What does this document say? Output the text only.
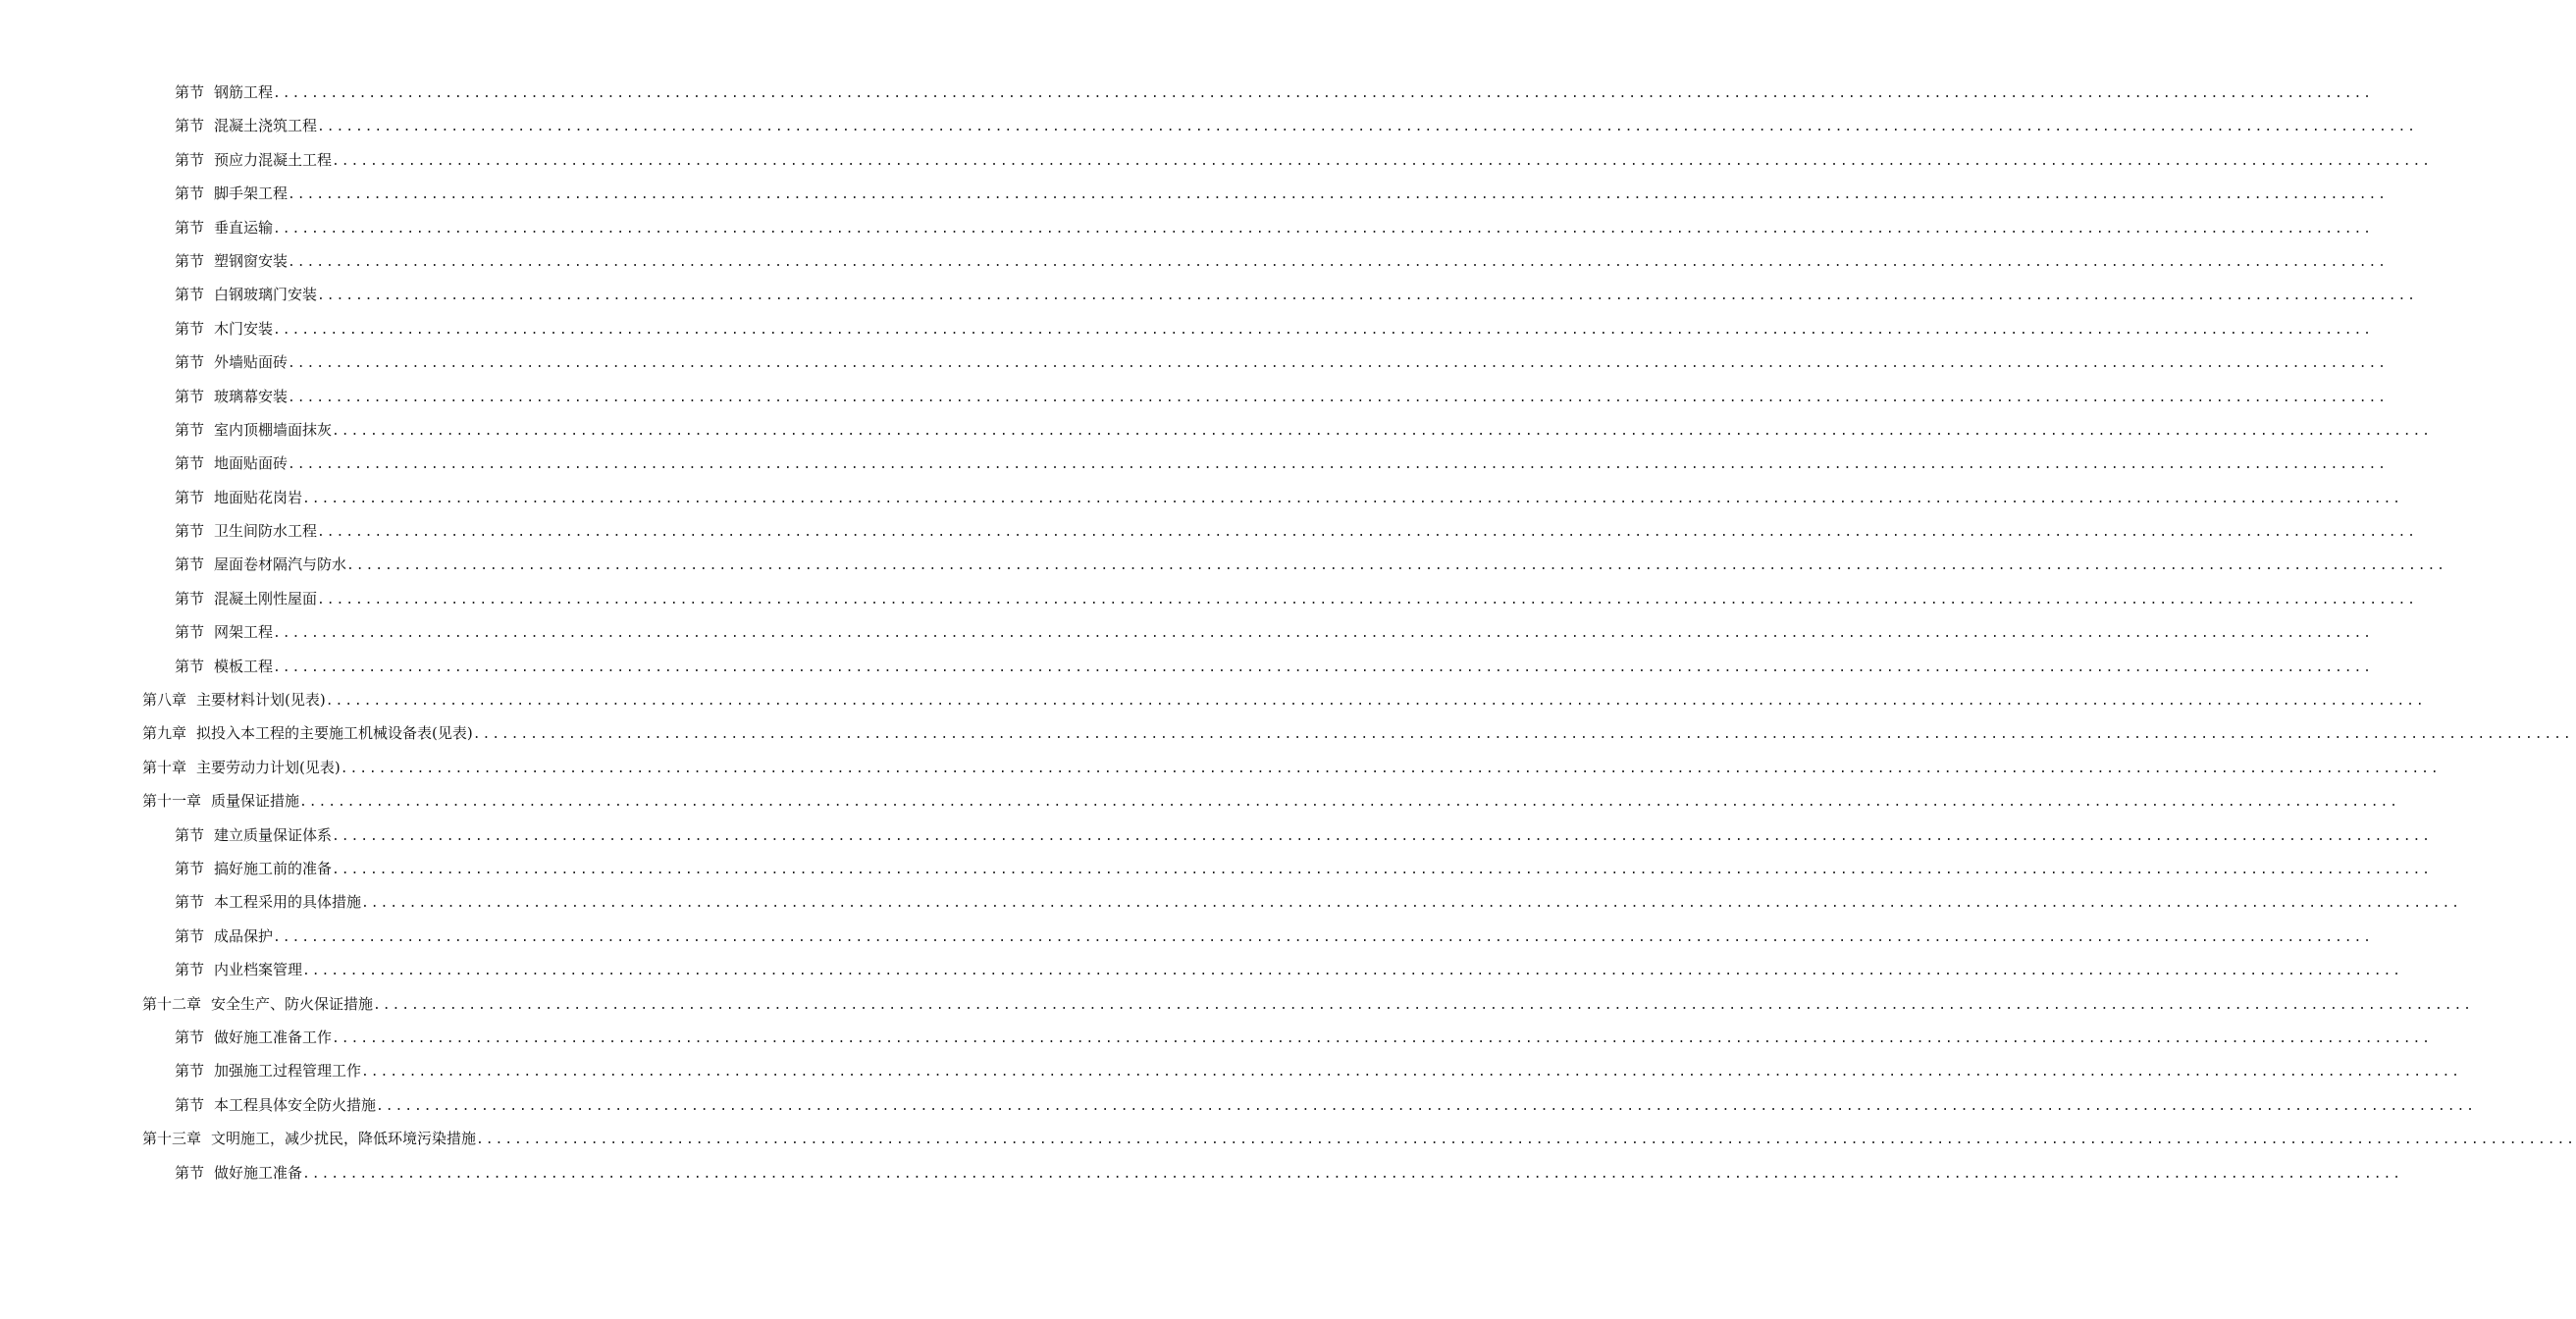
第节 钢筋工程 ............................................................................................................................................................................................................................
第节 混凝土浇筑工程 ............................................................................................................................................................................................................................
第节 预应力混凝土工程 ............................................................................................................................................................................................................................
第节 脚手架工程 ............................................................................................................................................................................................................................
第节 垂直运输 ............................................................................................................................................................................................................................
第节 塑钢窗安装 ............................................................................................................................................................................................................................
第节 白钢玻璃门安装 ............................................................................................................................................................................................................................
第节 木门安装 ............................................................................................................................................................................................................................
第节 外墙贴面砖 ............................................................................................................................................................................................................................
第节 玻璃幕安装 ............................................................................................................................................................................................................................
第节 室内顶棚墙面抹灰 ............................................................................................................................................................................................................................
第节 地面贴面砖 ............................................................................................................................................................................................................................
第节 地面贴花岗岩 ............................................................................................................................................................................................................................
第节 卫生间防水工程 ............................................................................................................................................................................................................................
第节 屋面卷材隔汽与防水 ............................................................................................................................................................................................................................
第节 混凝土刚性屋面 ............................................................................................................................................................................................................................
第节 网架工程 ............................................................................................................................................................................................................................
第节 模板工程 ............................................................................................................................................................................................................................
第八章 主要材料计划(见表) ............................................................................................................................................................................................................................
第九章 拟投入本工程的主要施工机械设备表(见表) ............................................................................................................................................................................................................................
第十章 主要劳动力计划(见表) ............................................................................................................................................................................................................................
第十一章 质量保证措施 ............................................................................................................................................................................................................................
第节 建立质量保证体系 ............................................................................................................................................................................................................................
第节 搞好施工前的准备 ............................................................................................................................................................................................................................
第节 本工程采用的具体措施 ............................................................................................................................................................................................................................
第节 成品保护 ............................................................................................................................................................................................................................
第节 内业档案管理 ............................................................................................................................................................................................................................
第十二章 安全生产、防火保证措施 ............................................................................................................................................................................................................................
第节 做好施工准备工作 ............................................................................................................................................................................................................................
第节 加强施工过程管理工作 ............................................................................................................................................................................................................................
第节 本工程具体安全防火措施 ............................................................................................................................................................................................................................
第十三章 文明施工，减少扰民，降低环境污染措施 ............................................................................................................................................................................................................................
第节 做好施工准备 ............................................................................................................................................................................................................................
